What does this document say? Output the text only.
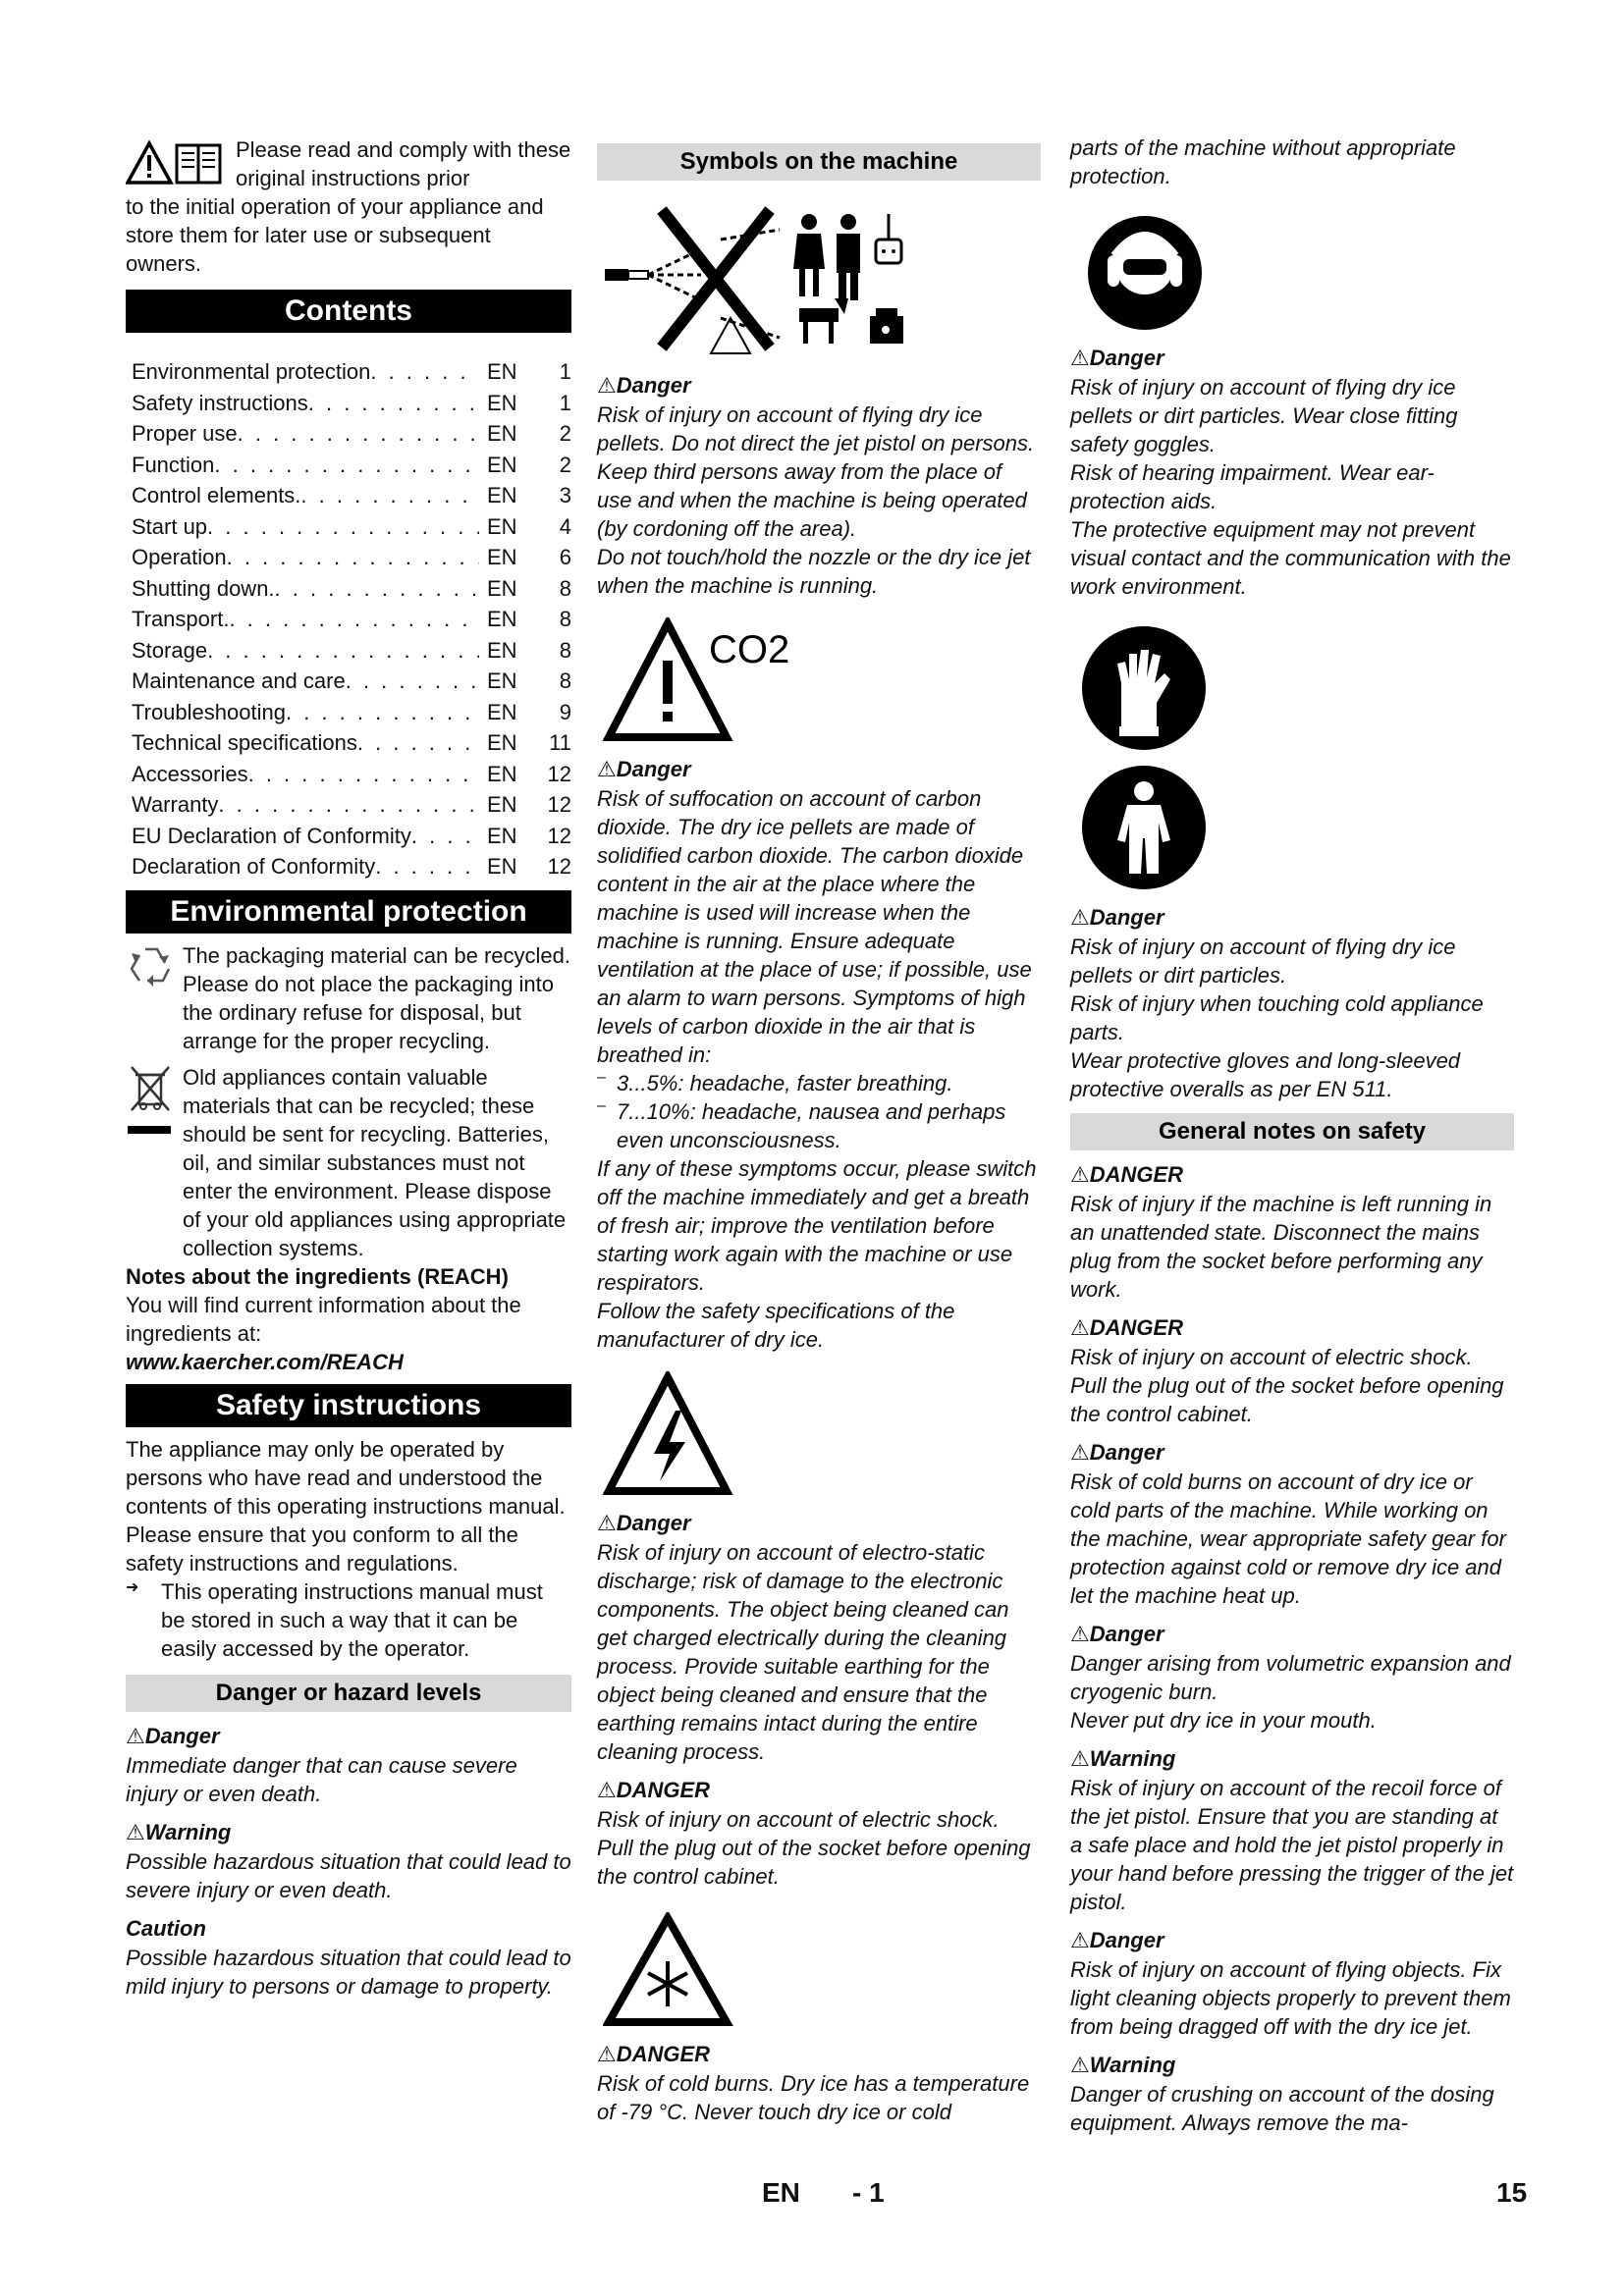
Please read and comply with these original instructions prior

to the initial operation of your appliance and store them for later use or subsequent owners.

Contents
Environmental protection . . .	EN	1
Safety instructions . . .	EN	1
Proper use . . .	EN	2
Function . . .	EN	2
Control elements. . . .	EN	3
Start up . . .	EN	4
Operation . . .	EN	6
Shutting down. . . .	EN	8
Transport. . . .	EN	8
Storage . . .	EN	8
Maintenance and care . . .	EN	8
Troubleshooting . . .	EN	9
Technical specifications . . .	EN	11
Accessories . . .	EN	12
Warranty . . .	EN	12
EU Declaration of Conformity . . .	EN	12
Declaration of Conformity . . .	EN	12
Environmental protection

The packaging material can be recycled. Please do not place the packaging into the ordinary refuse for disposal, but arrange for the proper recycling.

Old appliances contain valuable materials that can be recycled; these should be sent for recycling. Batteries, oil, and similar substances must not enter the environment. Please dispose of your old appliances using appropriate collection systems.

Notes about the ingredients (REACH)

You will find current information about the ingredients at:

www.kaercher.com/REACH

Safety instructions

The appliance may only be operated by persons who have read and understood the contents of this operating instructions manual. Please ensure that you conform to all the safety instructions and regulations.

➜	This operating instructions manual must be stored in such a way that it can be easily accessed by the operator.

Danger or hazard levels
⚠Danger

Immediate danger that can cause severe injury or even death.

⚠Warning

Possible hazardous situation that could lead to severe injury or even death.

Caution

Possible hazardous situation that could lead to mild injury to persons or damage to property.

Symbols on the machine
⚠Danger

Risk of injury on account of flying dry ice pellets. Do not direct the jet pistol on persons. Keep third persons away from the place of use and when the machine is being operated (by cordoning off the area).

Do not touch/hold the nozzle or the dry ice jet when the machine is running.

CO2
⚠Danger

Risk of suffocation on account of carbon dioxide. The dry ice pellets are made of solidified carbon dioxide. The carbon dioxide content in the air at the place where the machine is used will increase when the machine is running. Ensure adequate ventilation at the place of use; if possible, use an alarm to warn persons. Symptoms of high levels of carbon dioxide in the air that is breathed in:

– 3...5%: headache, faster breathing.

– 7...10%: headache, nausea and perhaps even unconsciousness.

If any of these symptoms occur, please switch off the machine immediately and get a breath of fresh air; improve the ventilation before starting work again with the machine or use respirators.

Follow the safety specifications of the manufacturer of dry ice.

⚠Danger

Risk of injury on account of electro-static discharge; risk of damage to the electronic components. The object being cleaned can get charged electrically during the cleaning process. Provide suitable earthing for the object being cleaned and ensure that the earthing remains intact during the entire cleaning process.

⚠DANGER

Risk of injury on account of electric shock. Pull the plug out of the socket before opening the control cabinet.

⚠DANGER

Risk of cold burns. Dry ice has a temperature of -79 °C. Never touch dry ice or cold

parts of the machine without appropriate protection.

⚠Danger

Risk of injury on account of flying dry ice pellets or dirt particles. Wear close fitting safety goggles.

Risk of hearing impairment. Wear ear-protection aids.

The protective equipment may not prevent visual contact and the communication with the work environment.

⚠Danger

Risk of injury on account of flying dry ice pellets or dirt particles.

Risk of injury when touching cold appliance parts.

Wear protective gloves and long-sleeved protective overalls as per EN 511.

General notes on safety
⚠DANGER

Risk of injury if the machine is left running in an unattended state. Disconnect the mains plug from the socket before performing any work.

⚠DANGER

Risk of injury on account of electric shock. Pull the plug out of the socket before opening the control cabinet.

⚠Danger

Risk of cold burns on account of dry ice or cold parts of the machine. While working on the machine, wear appropriate safety gear for protection against cold or remove dry ice and let the machine heat up.

⚠Danger

Danger arising from volumetric expansion and cryogenic burn.

Never put dry ice in your mouth.

⚠Warning

Risk of injury on account of the recoil force of the jet pistol. Ensure that you are standing at a safe place and hold the jet pistol properly in your hand before pressing the trigger of the jet pistol.

⚠Danger

Risk of injury on account of flying objects. Fix light cleaning objects properly to prevent them from being dragged off with the dry ice jet.

⚠Warning

Danger of crushing on account of the dosing equipment. Always remove the ma-

EN - 1	15
